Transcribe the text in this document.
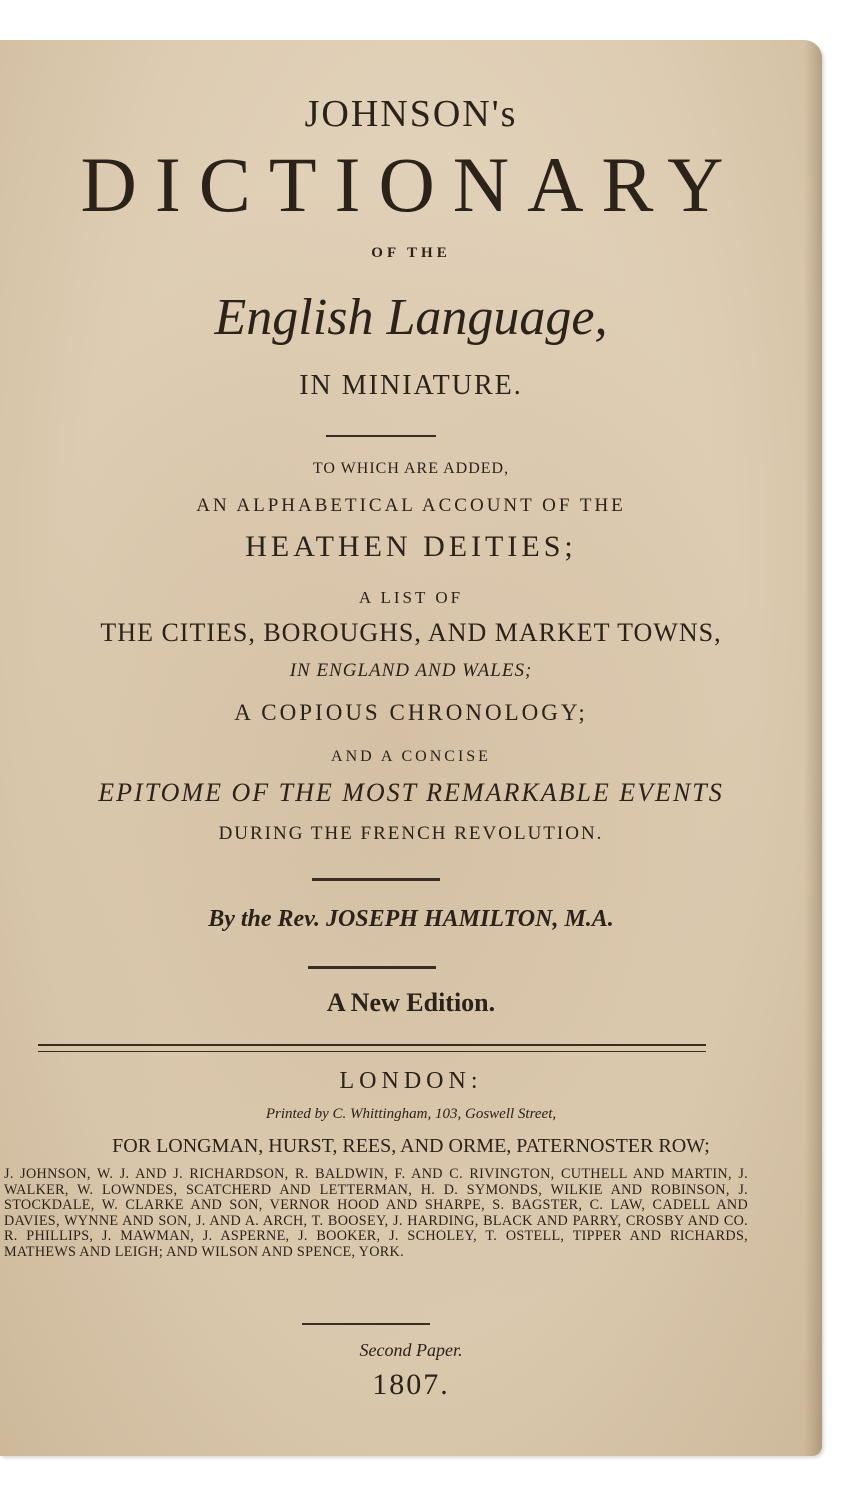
JOHNSON's
DICTIONARY
OF THE
English Language,
IN MINIATURE.
TO WHICH ARE ADDED,
AN ALPHABETICAL ACCOUNT OF THE
HEATHEN DEITIES;
A LIST OF
THE CITIES, BOROUGHS, AND MARKET TOWNS,
IN ENGLAND AND WALES;
A COPIOUS CHRONOLOGY;
AND A CONCISE
EPITOME OF THE MOST REMARKABLE EVENTS
DURING THE FRENCH REVOLUTION.
By the Rev. JOSEPH HAMILTON, M.A.
A New Edition.
LONDON:
Printed by C. Whittingham, 103, Goswell Street,
FOR LONGMAN, HURST, REES, AND ORME, PATERNOSTER ROW;
J. JOHNSON, W. J. AND J. RICHARDSON, R. BALDWIN, F. AND C. RIVINGTON, CUTHELL AND MARTIN, J. WALKER, W. LOWNDES, SCATCHERD AND LETTERMAN, H. D. SYMONDS, WILKIE AND ROBINSON, J. STOCKDALE, W. CLARKE AND SON, VERNOR HOOD AND SHARPE, S. BAGSTER, C. LAW, CADELL AND DAVIES, WYNNE AND SON, J. AND A. ARCH, T. BOOSEY, J. HARDING, BLACK AND PARRY, CROSBY AND CO. R. PHILLIPS, J. MAWMAN, J. ASPERNE, J. BOOKER, J. SCHOLEY, T. OSTELL, TIPPER AND RICHARDS, MATHEWS AND LEIGH; AND WILSON AND SPENCE, YORK.
Second Paper.
1807.
